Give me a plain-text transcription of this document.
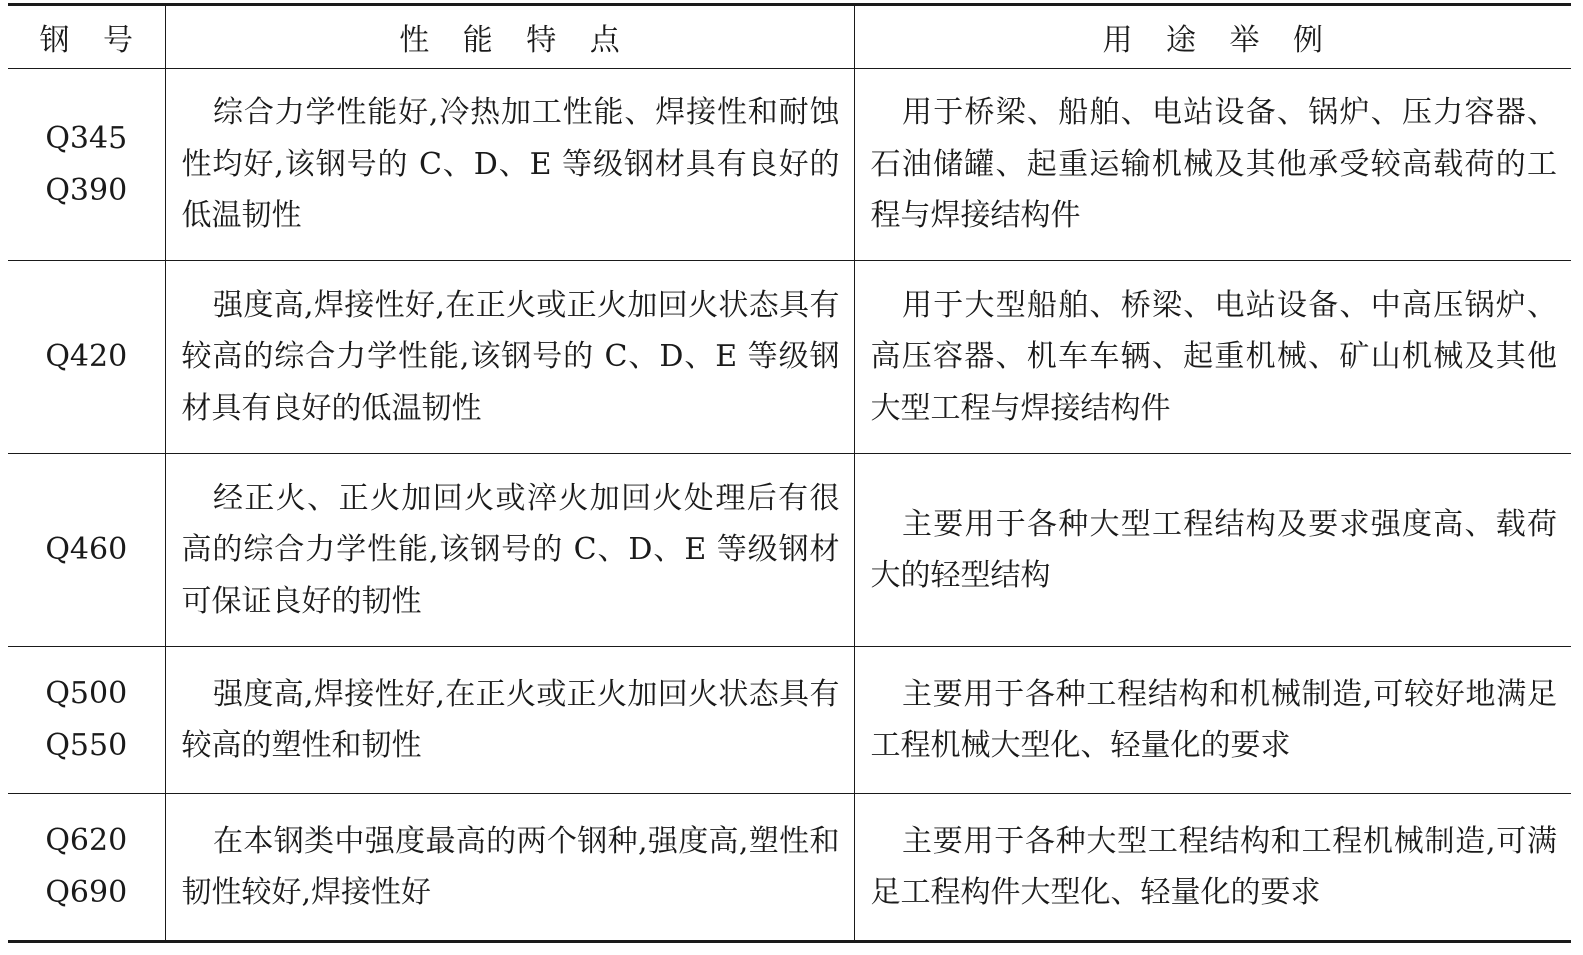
钢 号	性 能 特 点	用 途 举 例

Q345
Q390	综合力学性能好,冷热加工性能、焊接性和耐蚀性均好,该钢号的 C、D、E 等级钢材具有良好的低温韧性	用于桥梁、船舶、电站设备、锅炉、压力容器、石油储罐、起重运输机械及其他承受较高载荷的工程与焊接结构件

Q420	强度高,焊接性好,在正火或正火加回火状态具有较高的综合力学性能,该钢号的 C、D、E 等级钢材具有良好的低温韧性	用于大型船舶、桥梁、电站设备、中高压锅炉、高压容器、机车车辆、起重机械、矿山机械及其他大型工程与焊接结构件

Q460	经正火、正火加回火或淬火加回火处理后有很高的综合力学性能,该钢号的 C、D、E 等级钢材可保证良好的韧性	主要用于各种大型工程结构及要求强度高、载荷大的轻型结构

Q500
Q550	强度高,焊接性好,在正火或正火加回火状态具有较高的塑性和韧性	主要用于各种工程结构和机械制造,可较好地满足工程机械大型化、轻量化的要求

Q620
Q690	在本钢类中强度最高的两个钢种,强度高,塑性和韧性较好,焊接性好	主要用于各种大型工程结构和工程机械制造,可满足工程构件大型化、轻量化的要求
